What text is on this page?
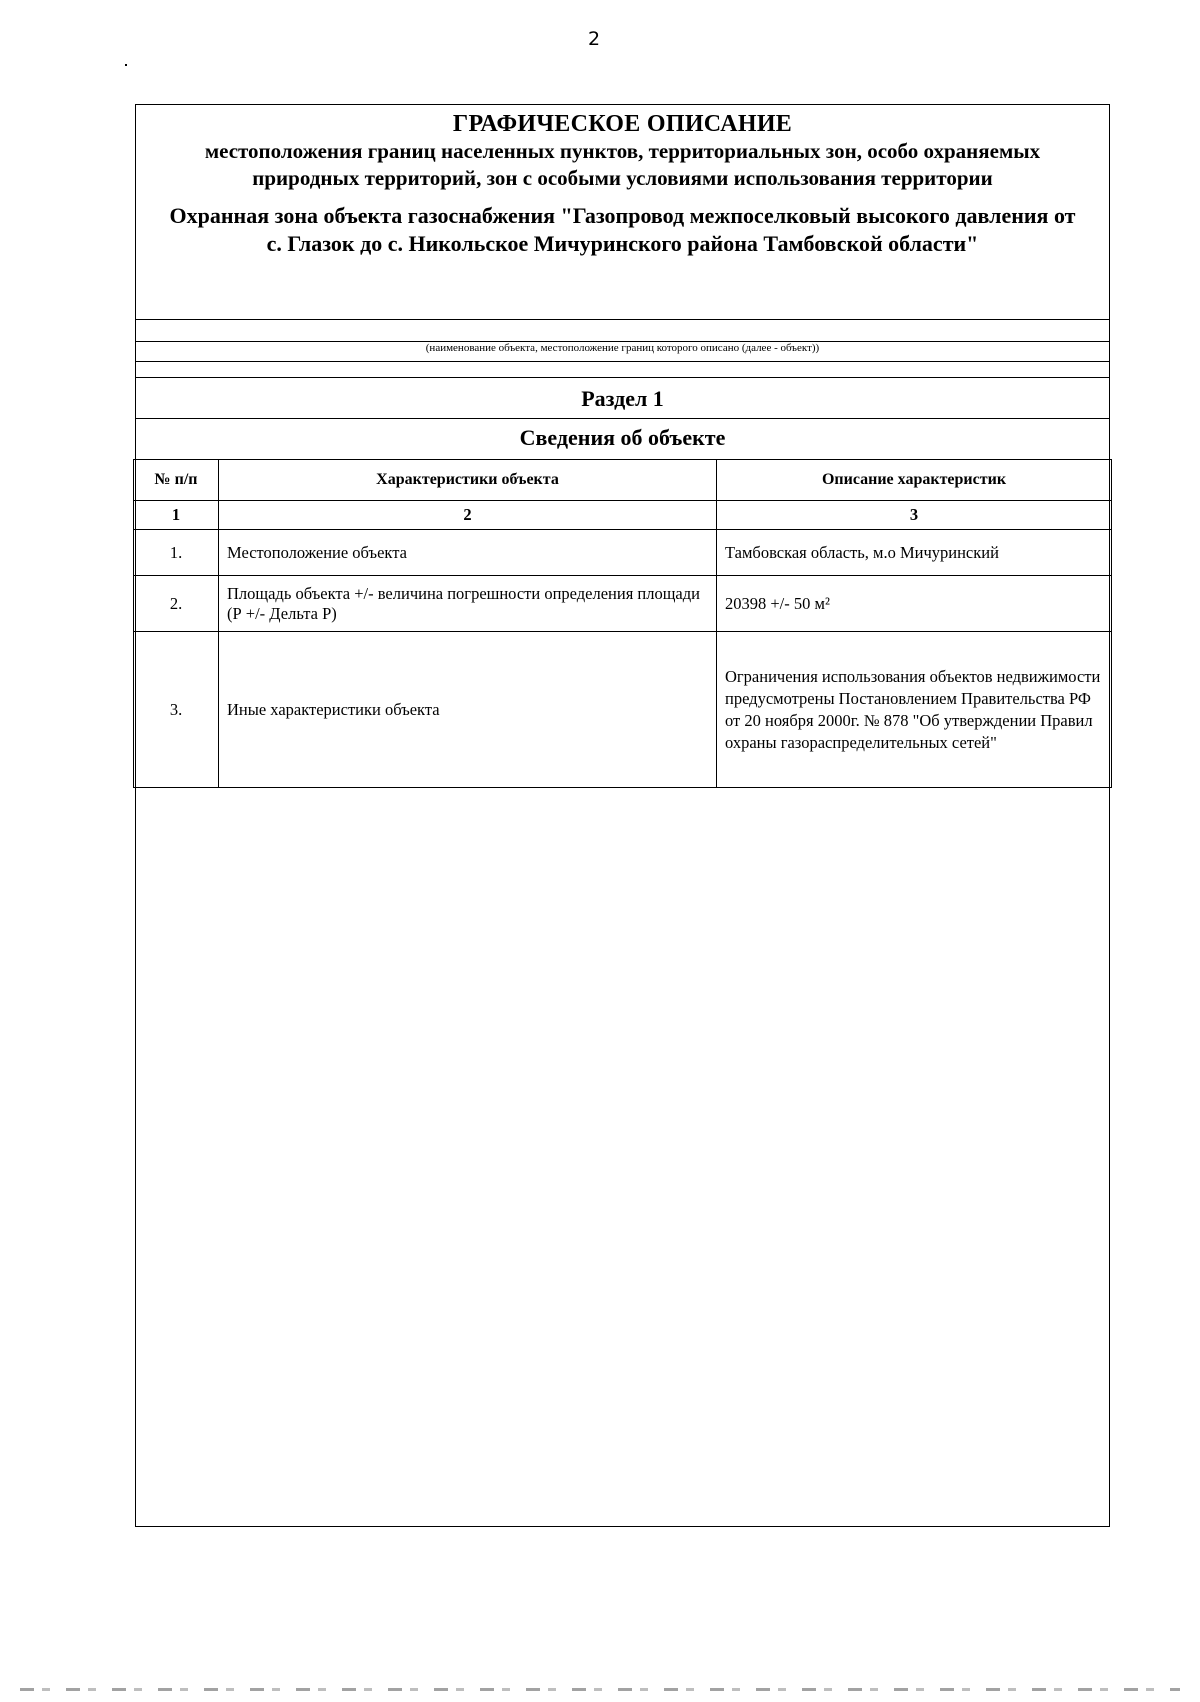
2
ГРАФИЧЕСКОЕ ОПИСАНИЕ
местоположения границ населенных пунктов, территориальных зон, особо охраняемых природных территорий, зон с особыми условиями использования территории
Охранная зона объекта газоснабжения "Газопровод межпоселковый высокого давления от с. Глазок до с. Никольское Мичуринского района Тамбовской области"
(наименование объекта, местоположение границ которого описано (далее - объект))
Раздел 1
Сведения об объекте
№ п/п	Характеристики объекта	Описание характеристик
1	2	3
1.	Местоположение объекта	Тамбовская область, м.о Мичуринский
2.	Площадь объекта +/- величина погрешности определения площади (Р +/- Дельта Р)	20398 +/- 50 м²
3.	Иные характеристики объекта	Ограничения использования объектов недвижимости предусмотрены Постановлением Правительства РФ от 20 ноября 2000г. № 878 "Об утверждении Правил охраны газораспределительных сетей"
